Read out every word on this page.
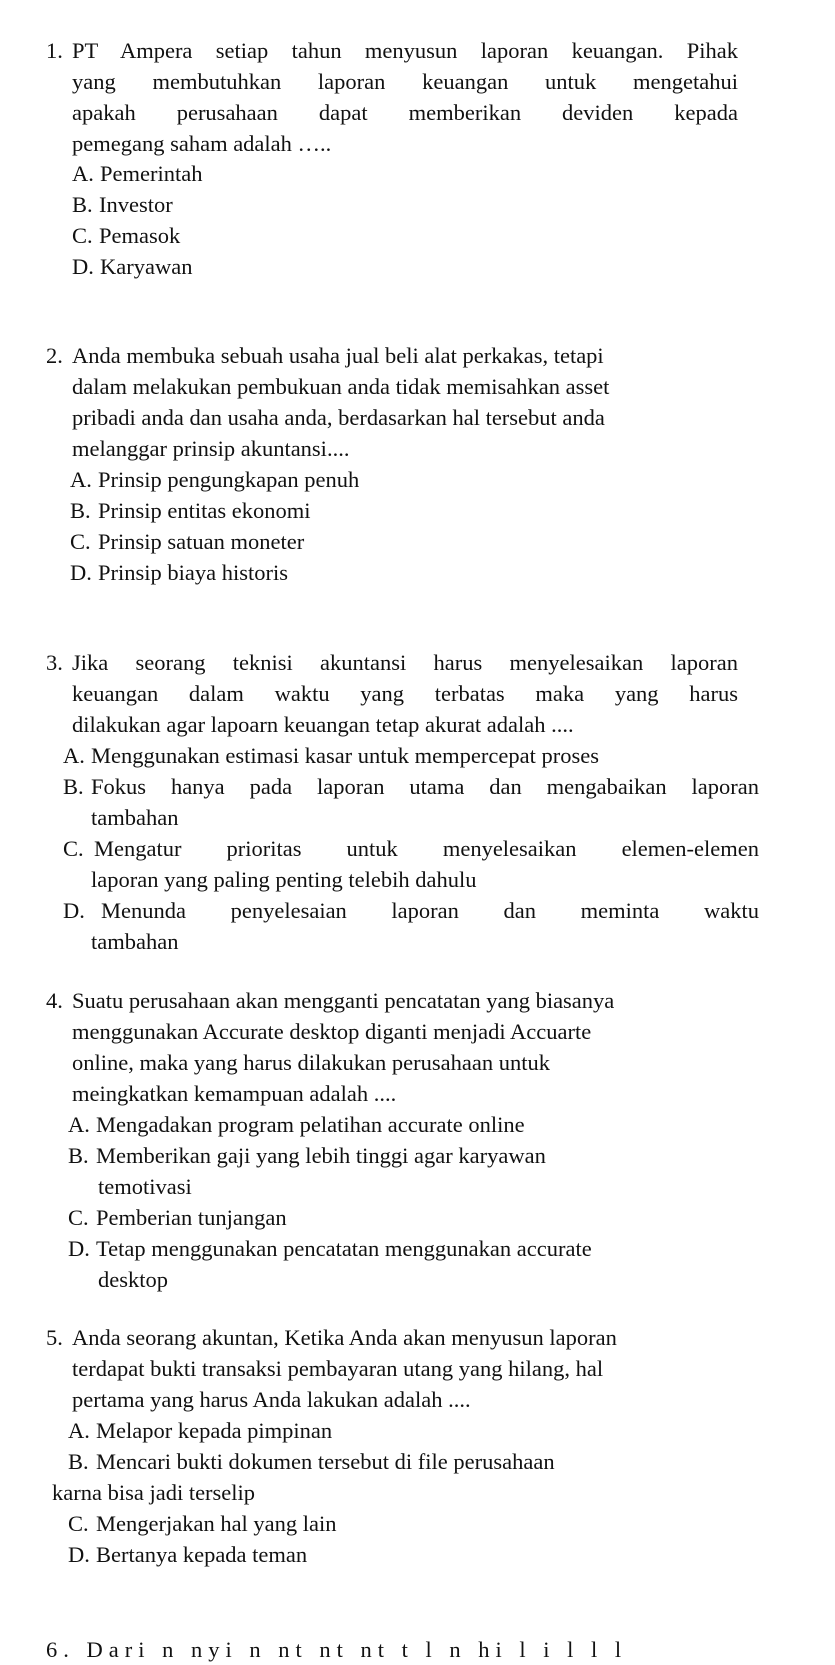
1. PT Ampera setiap tahun menyusun laporan keuangan. Pihak
yang membutuhkan laporan keuangan untuk mengetahui
apakah perusahaan dapat memberikan deviden kepada
pemegang saham adalah …..
A. Pemerintah
B. Investor
C. Pemasok
D. Karyawan
2. Anda membuka sebuah usaha jual beli alat perkakas, tetapi
dalam melakukan pembukuan anda tidak memisahkan asset
pribadi anda dan usaha anda, berdasarkan hal tersebut anda
melanggar prinsip akuntansi....
A. Prinsip pengungkapan penuh
B. Prinsip entitas ekonomi
C. Prinsip satuan moneter
D. Prinsip biaya historis
3. Jika seorang teknisi akuntansi harus menyelesaikan laporan
keuangan dalam waktu yang terbatas maka yang harus
dilakukan agar lapoarn keuangan tetap akurat adalah ....
A. Menggunakan estimasi kasar untuk mempercepat proses
B. Fokus hanya pada laporan utama dan mengabaikan laporan
tambahan
C. Mengatur prioritas untuk menyelesaikan elemen-elemen
laporan yang paling penting telebih dahulu
D. Menunda penyelesaian laporan dan meminta waktu
tambahan
4. Suatu perusahaan akan mengganti pencatatan yang biasanya
menggunakan Accurate desktop diganti menjadi Accuarte
online, maka yang harus dilakukan perusahaan untuk
meingkatkan kemampuan adalah ....
A. Mengadakan program pelatihan accurate online
B. Memberikan gaji yang lebih tinggi agar karyawan
temotivasi
C. Pemberian tunjangan
D. Tetap menggunakan pencatatan menggunakan accurate
desktop
5. Anda seorang akuntan, Ketika Anda akan menyusun laporan
terdapat bukti transaksi pembayaran utang yang hilang, hal
pertama yang harus Anda lakukan adalah ....
A. Melapor kepada pimpinan
B. Mencari bukti dokumen tersebut di file perusahaan
karna bisa jadi terselip
C. Mengerjakan hal yang lain
D. Bertanya kepada teman
6. Dari n nyi n nt nt nt t l n hi l i l l l
